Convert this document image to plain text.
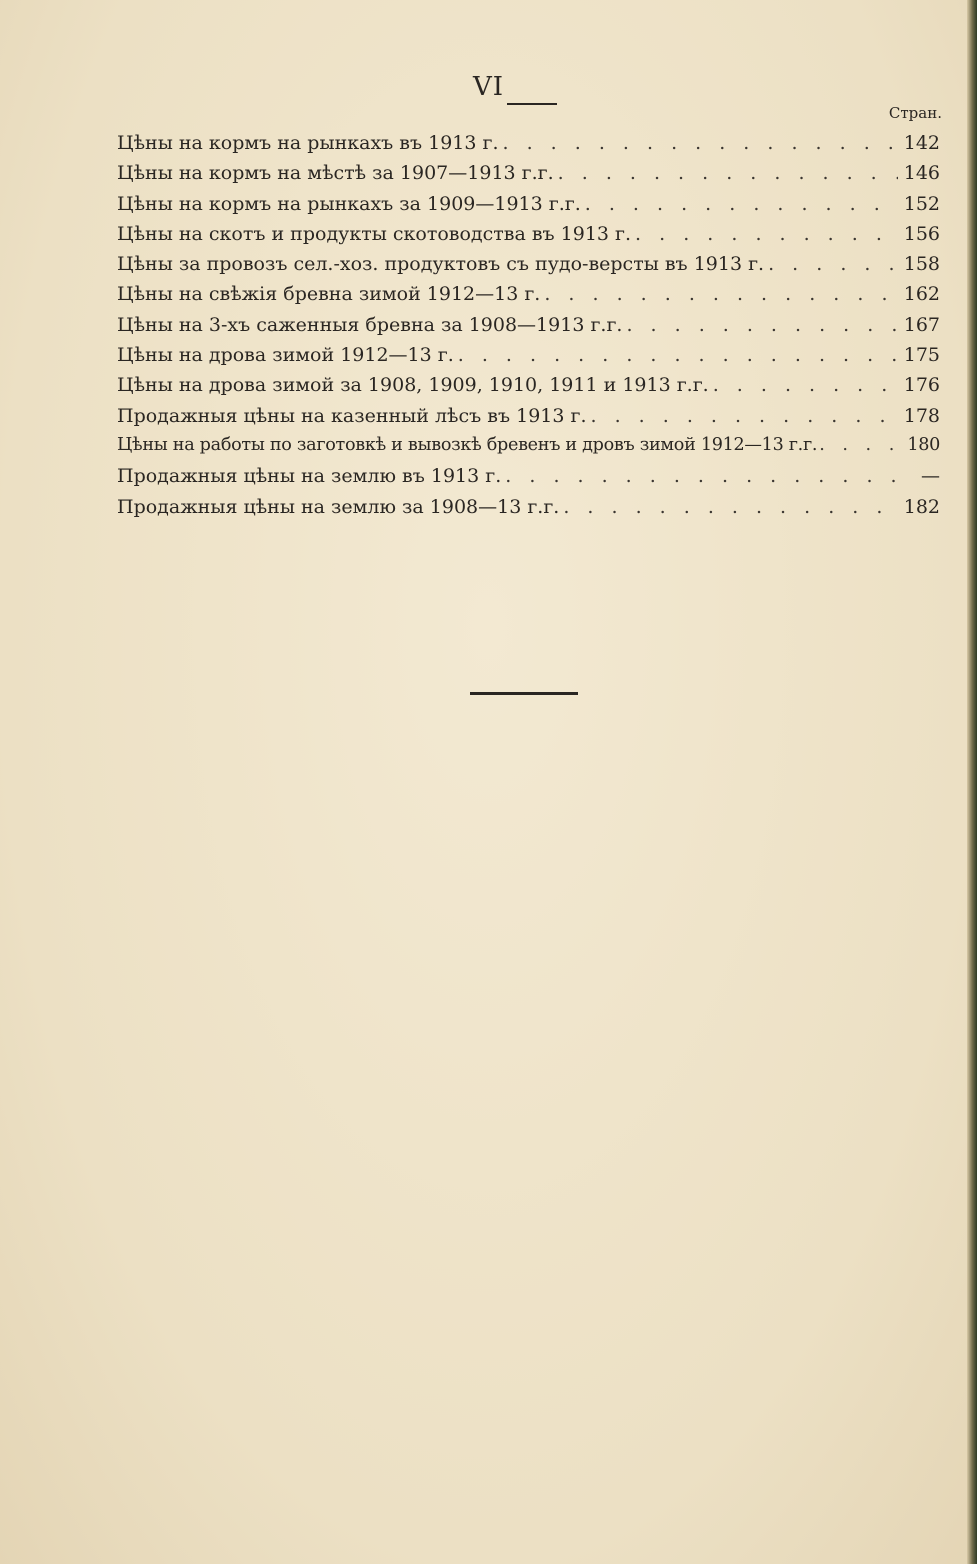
VI
Стран.
Цѣны на кормъ на рынкахъ въ 1913 г. . . .	142
Цѣны на кормъ на мѣстѣ за 1907—1913 г.г. . . .	146
Цѣны на кормъ на рынкахъ за 1909—1913 г.г. . . .	152
Цѣны на скотъ и продукты скотоводства въ 1913 г. . . .	156
Цѣны за провозъ сел.-хоз. продуктовъ съ пудо-версты въ 1913 г. . . .	158
Цѣны на свѣжія бревна зимой 1912—13 г. . . .	162
Цѣны на 3-хъ саженныя бревна за 1908—1913 г.г. . . .	167
Цѣны на дрова зимой 1912—13 г. . . .	175
Цѣны на дрова зимой за 1908, 1909, 1910, 1911 и 1913 г.г. . . .	176
Продажныя цѣны на казенный лѣсъ въ 1913 г. . . .	178
Цѣны на работы по заготовкѣ и вывозкѣ бревенъ и дровъ зимой 1912—13 г.г. . . .	180
Продажныя цѣны на землю въ 1913 г. . . .	—
Продажныя цѣны на землю за 1908—13 г.г. . . .	182
